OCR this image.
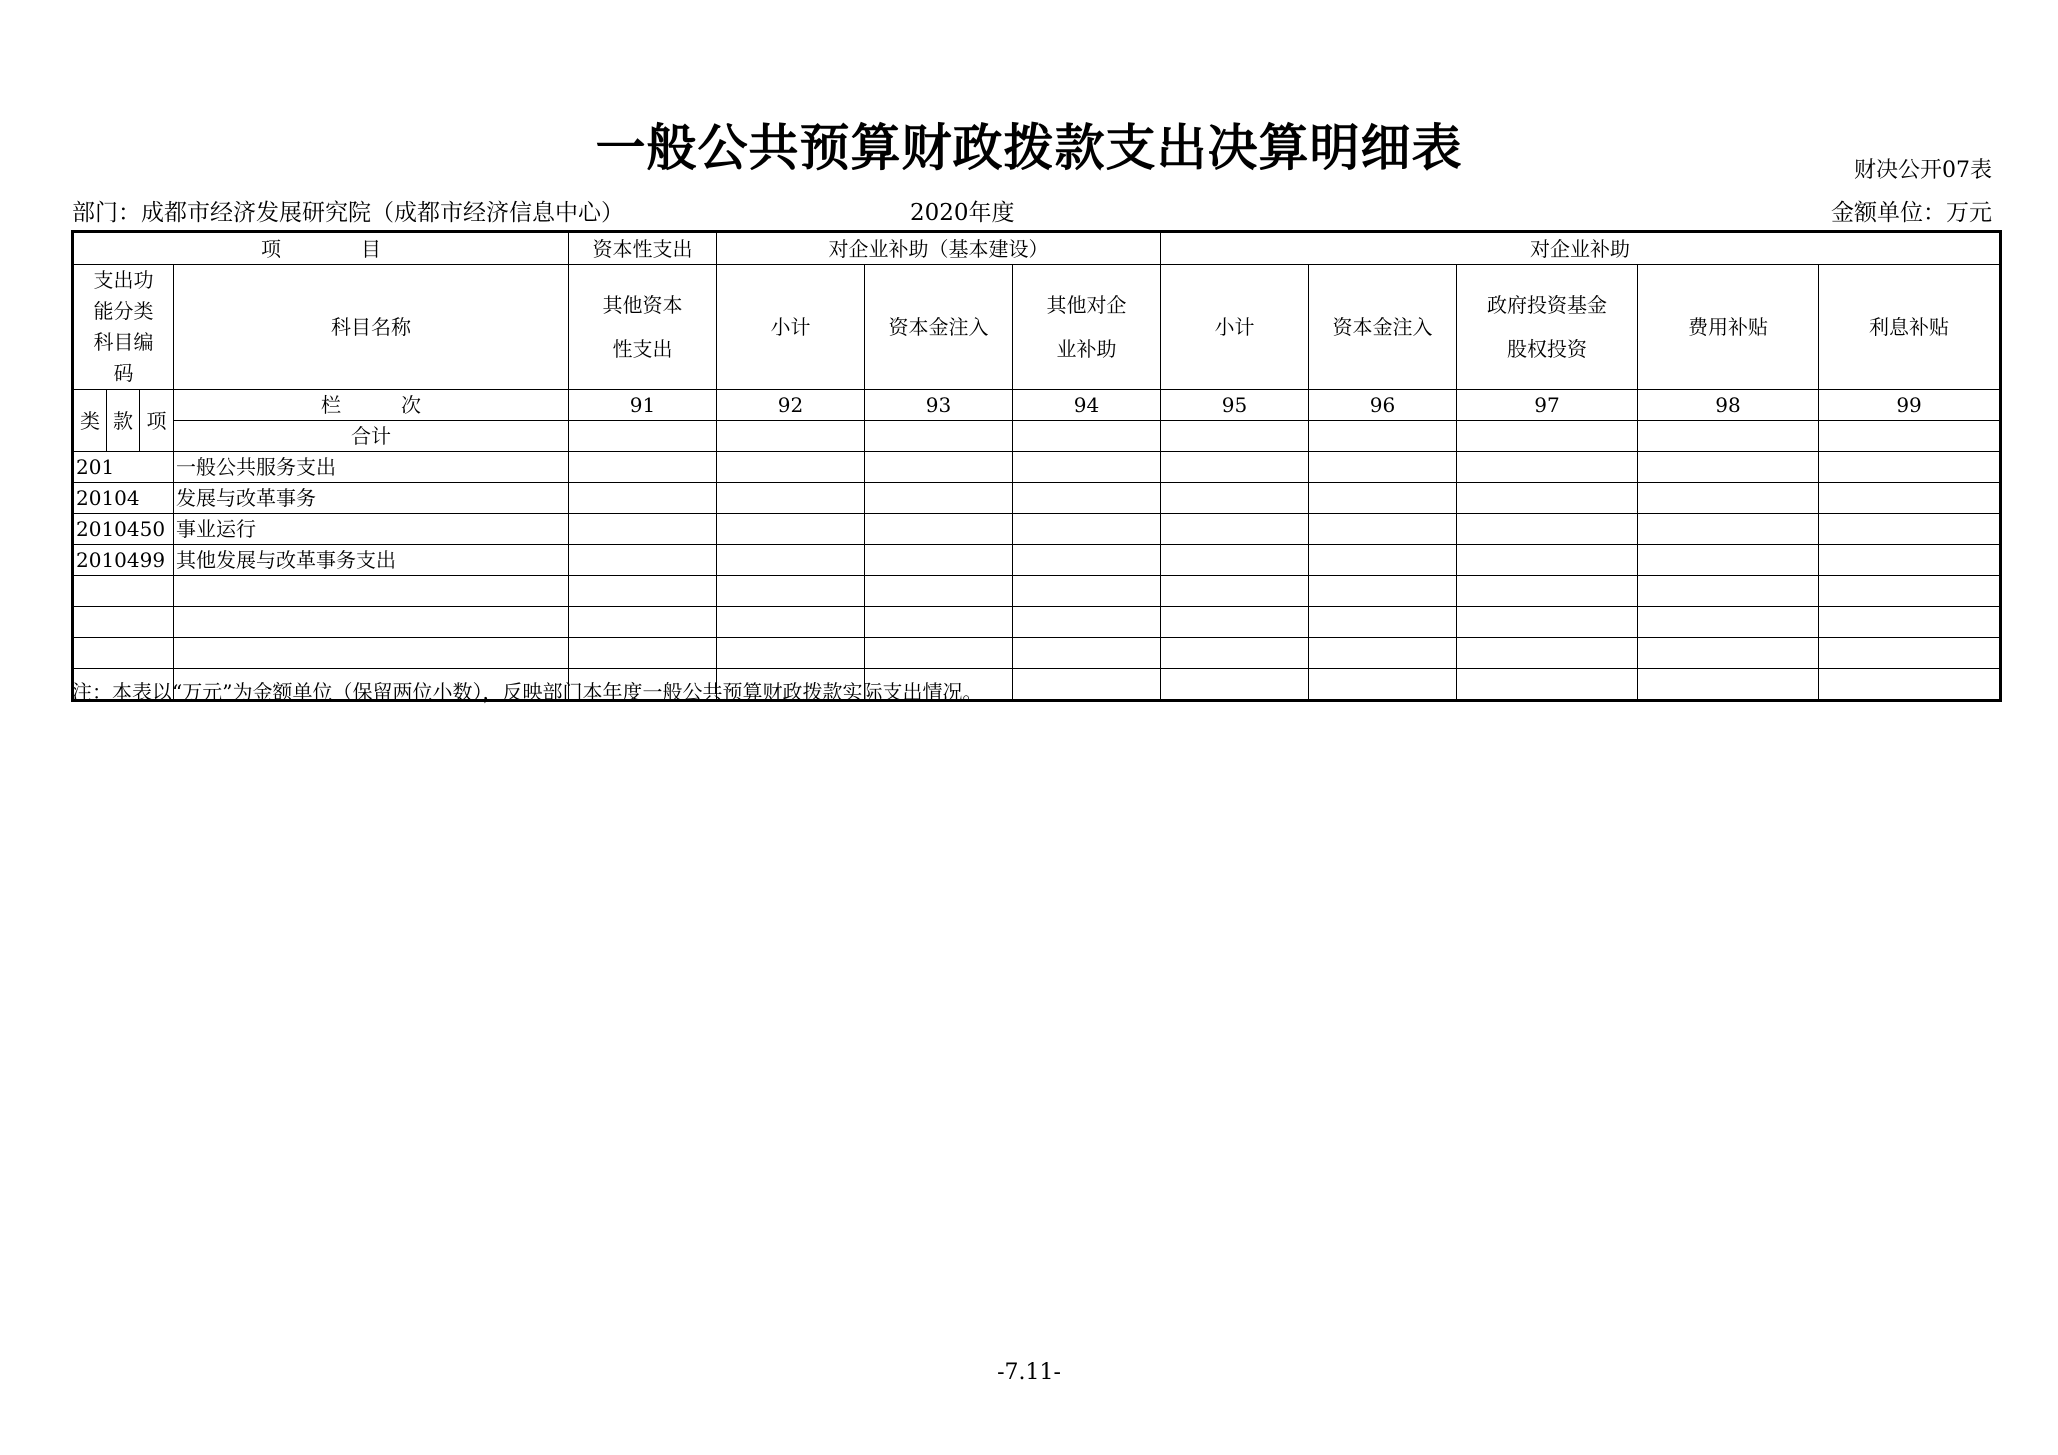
一般公共预算财政拨款支出决算明细表	财决公开07表
部门：成都市经济发展研究院（成都市经济信息中心）	2020年度	金额单位：万元
项　　　　目				资本性支出	对企业补助（基本建设）			对企业补助				
支出功能分类科目编码			科目名称	其他资本性支出	小计	资本金注入	其他对企业补助	小计	资本金注入	政府投资基金股权投资	费用补贴	利息补贴
类	款	项	栏　　　次	91	92	93	94	95	96	97	98	99
			合计									
201			一般公共服务支出									
20104			发展与改革事务									
2010450			事业运行									
2010499			其他发展与改革事务支出									

注：本表以“万元”为金额单位（保留两位小数），反映部门本年度一般公共预算财政拨款实际支出情况。
-7.11-
